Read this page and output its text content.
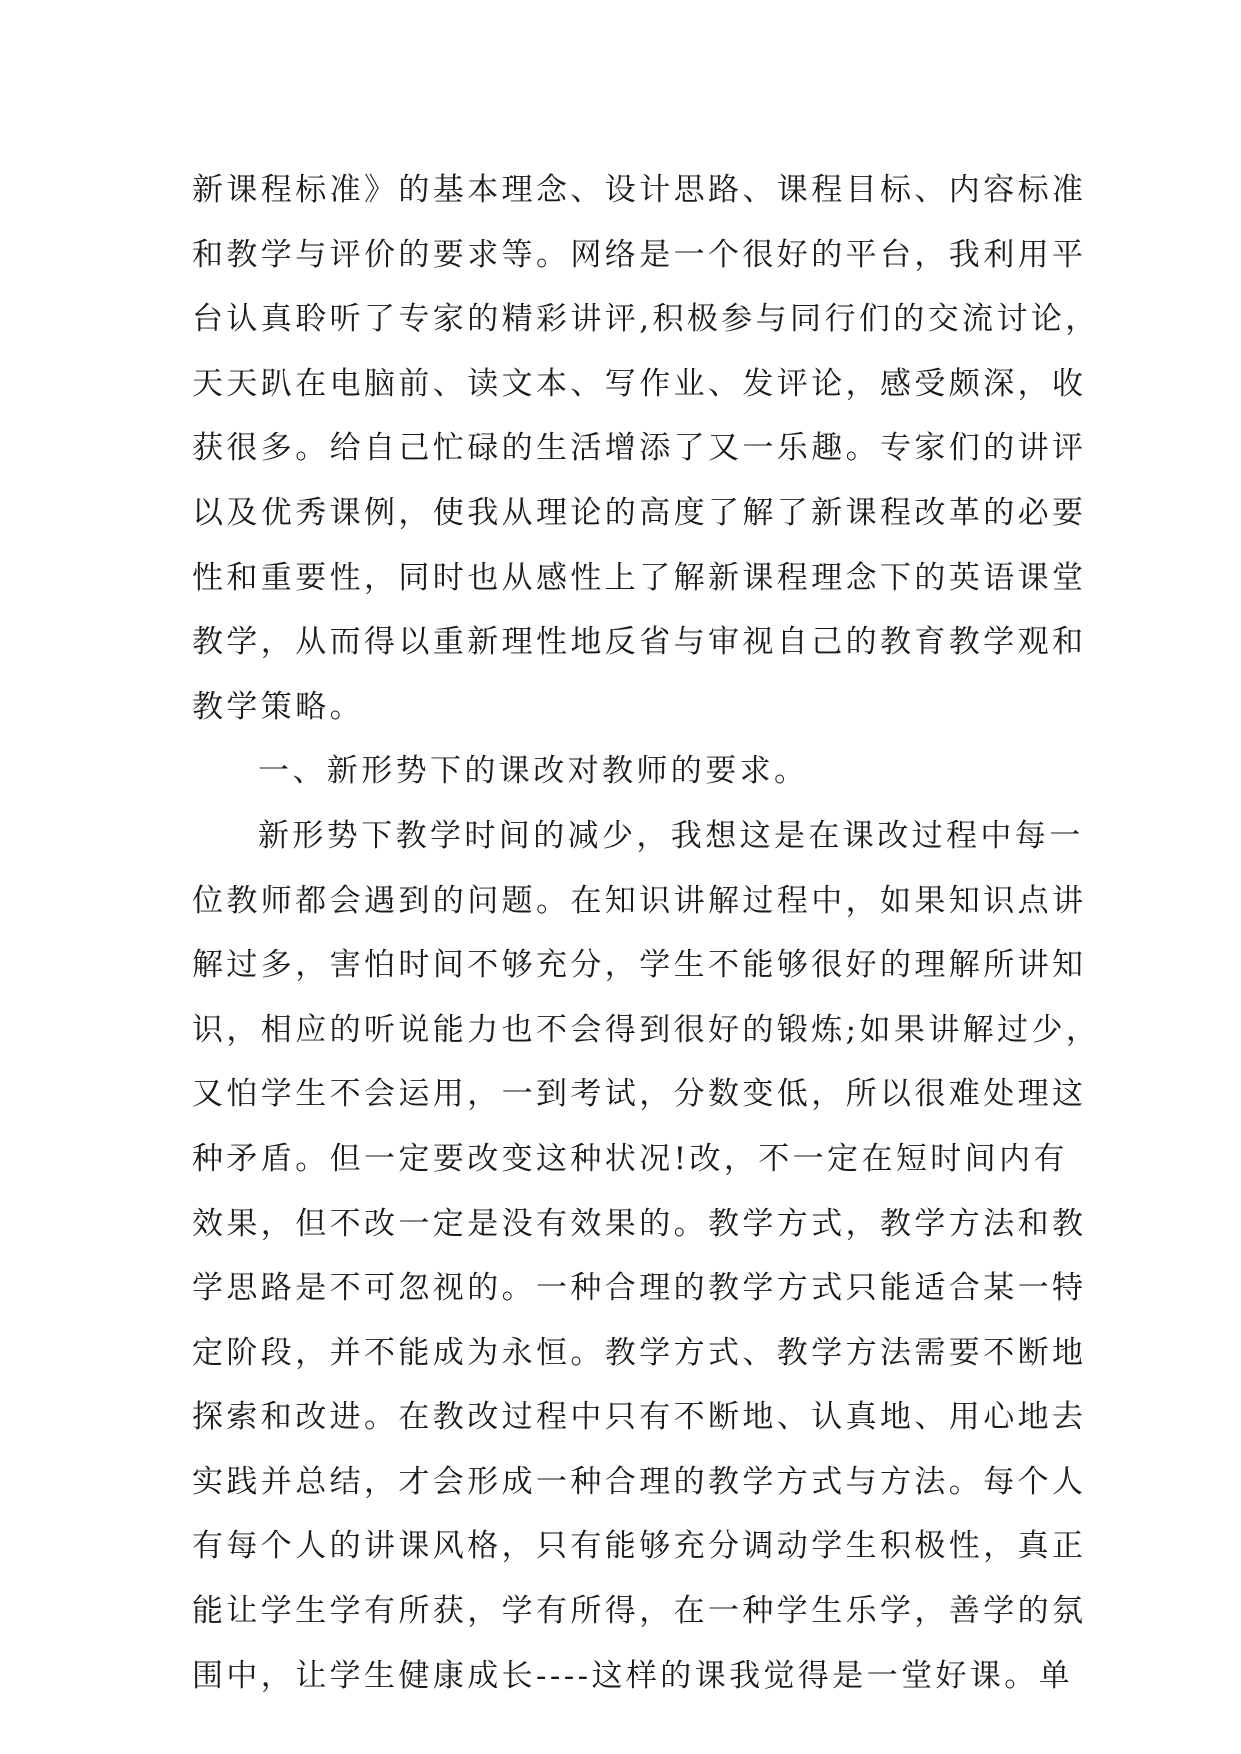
新课程标准》的基本理念、设计思路、课程目标、内容标准
和教学与评价的要求等。网络是一个很好的平台，我利用平
台认真聆听了专家的精彩讲评,积极参与同行们的交流讨论，
天天趴在电脑前、读文本、写作业、发评论，感受颇深，收
获很多。给自己忙碌的生活增添了又一乐趣。专家们的讲评
以及优秀课例，使我从理论的高度了解了新课程改革的必要
性和重要性，同时也从感性上了解新课程理念下的英语课堂
教学，从而得以重新理性地反省与审视自己的教育教学观和
教学策略。
一、新形势下的课改对教师的要求。
新形势下教学时间的减少，我想这是在课改过程中每一
位教师都会遇到的问题。在知识讲解过程中，如果知识点讲
解过多，害怕时间不够充分，学生不能够很好的理解所讲知
识，相应的听说能力也不会得到很好的锻炼;如果讲解过少，
又怕学生不会运用，一到考试，分数变低，所以很难处理这
种矛盾。但一定要改变这种状况!改，不一定在短时间内有
效果，但不改一定是没有效果的。教学方式，教学方法和教
学思路是不可忽视的。一种合理的教学方式只能适合某一特
定阶段，并不能成为永恒。教学方式、教学方法需要不断地
探索和改进。在教改过程中只有不断地、认真地、用心地去
实践并总结，才会形成一种合理的教学方式与方法。每个人
有每个人的讲课风格，只有能够充分调动学生积极性，真正
能让学生学有所获，学有所得，在一种学生乐学，善学的氛
围中，让学生健康成长----这样的课我觉得是一堂好课。单
